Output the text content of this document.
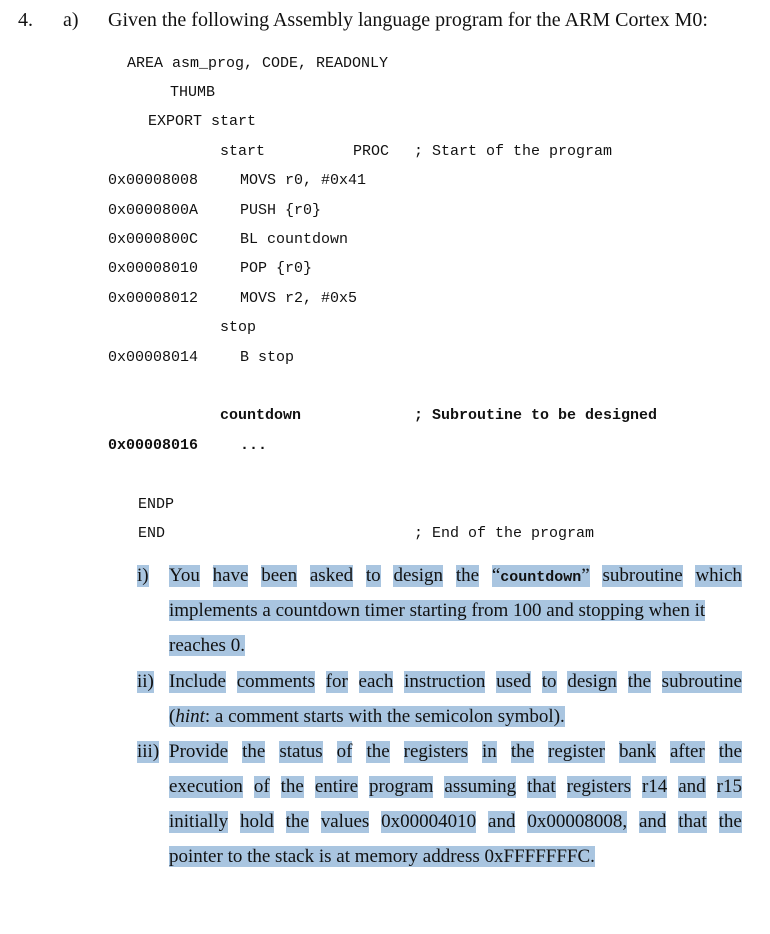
4. a) Given the following Assembly language program for the ARM Cortex M0:
AREA asm_prog, CODE, READONLY
THUMB
EXPORT start
start	PROC ; Start of the program
0x00008008	MOVS r0, #0x41
0x0000800A	PUSH {r0}
0x0000800C	BL countdown
0x00008010	POP {r0}
0x00008012	MOVS r2, #0x5
stop
0x00008014	B stop
countdown	; Subroutine to be designed
0x00008016	...
ENDP
END	; End of the program
i) You have been asked to design the “countdown” subroutine which
implements a countdown timer starting from 100 and stopping when it
reaches 0.
ii) Include comments for each instruction used to design the subroutine
(hint: a comment starts with the semicolon symbol).
iii) Provide the status of the registers in the register bank after the
execution of the entire program assuming that registers r14 and r15
initially hold the values 0x00004010 and 0x00008008, and that the
pointer to the stack is at memory address 0xFFFFFFFC.
